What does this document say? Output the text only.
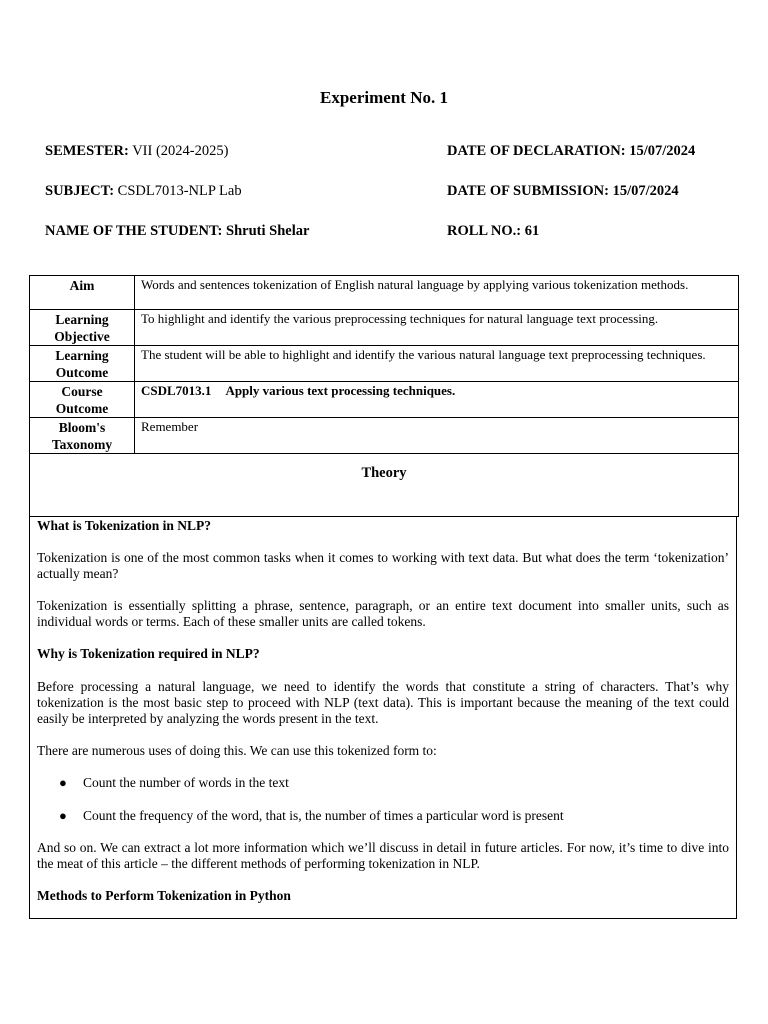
Experiment No. 1
SEMESTER: VII (2024-2025)	DATE OF DECLARATION: 15/07/2024
SUBJECT: CSDL7013-NLP Lab	DATE OF SUBMISSION: 15/07/2024
NAME OF THE STUDENT: Shruti Shelar	ROLL NO.: 61
Aim	Words and sentences tokenization of English natural language by applying various tokenization methods.
Learning Objective	To highlight and identify the various preprocessing techniques for natural language text processing.
Learning Outcome	The student will be able to highlight and identify the various natural language text preprocessing techniques.
Course Outcome	CSDL7013.1 Apply various text processing techniques.
Bloom's Taxonomy	Remember
Theory

What is Tokenization in NLP?

Tokenization is one of the most common tasks when it comes to working with text data. But what does the term ‘tokenization’ actually mean?

Tokenization is essentially splitting a phrase, sentence, paragraph, or an entire text document into smaller units, such as individual words or terms. Each of these smaller units are called tokens.

Why is Tokenization required in NLP?

Before processing a natural language, we need to identify the words that constitute a string of characters. That’s why tokenization is the most basic step to proceed with NLP (text data). This is important because the meaning of the text could easily be interpreted by analyzing the words present in the text.

There are numerous uses of doing this. We can use this tokenized form to:

● Count the number of words in the text
● Count the frequency of the word, that is, the number of times a particular word is present

And so on. We can extract a lot more information which we’ll discuss in detail in future articles. For now, it’s time to dive into the meat of this article – the different methods of performing tokenization in NLP.

Methods to Perform Tokenization in Python
